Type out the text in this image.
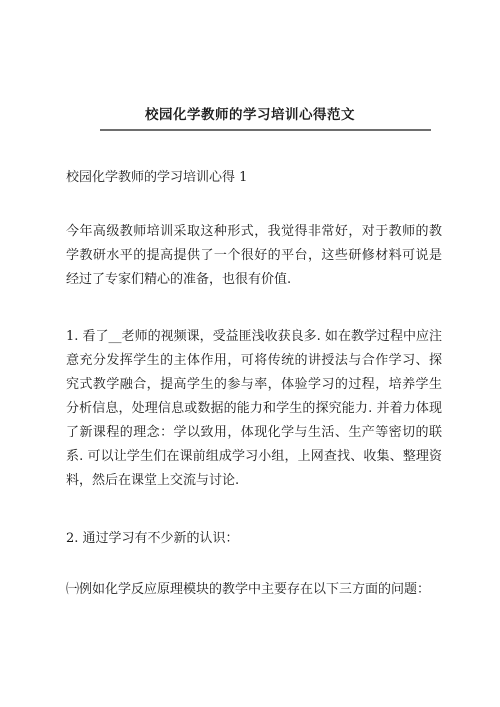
校园化学教师的学习培训心得范文

校园化学教师的学习培训心得 1

今年高级教师培训采取这种形式，我觉得非常好，对于教师的教学教研水平的提高提供了一个很好的平台，这些研修材料可说是经过了专家们精心的准备，也很有价值.

1. 看了__老师的视频课，受益匪浅收获良多. 如在教学过程中应注意充分发挥学生的主体作用，可将传统的讲授法与合作学习、探究式教学融合，提高学生的参与率，体验学习的过程，培养学生分析信息，处理信息或数据的能力和学生的探究能力. 并着力体现了新课程的理念：学以致用，体现化学与生活、生产等密切的联系. 可以让学生们在课前组成学习小组，上网查找、收集、整理资料，然后在课堂上交流与讨论.

2. 通过学习有不少新的认识：

㈠例如化学反应原理模块的教学中主要存在以下三方面的问题：
